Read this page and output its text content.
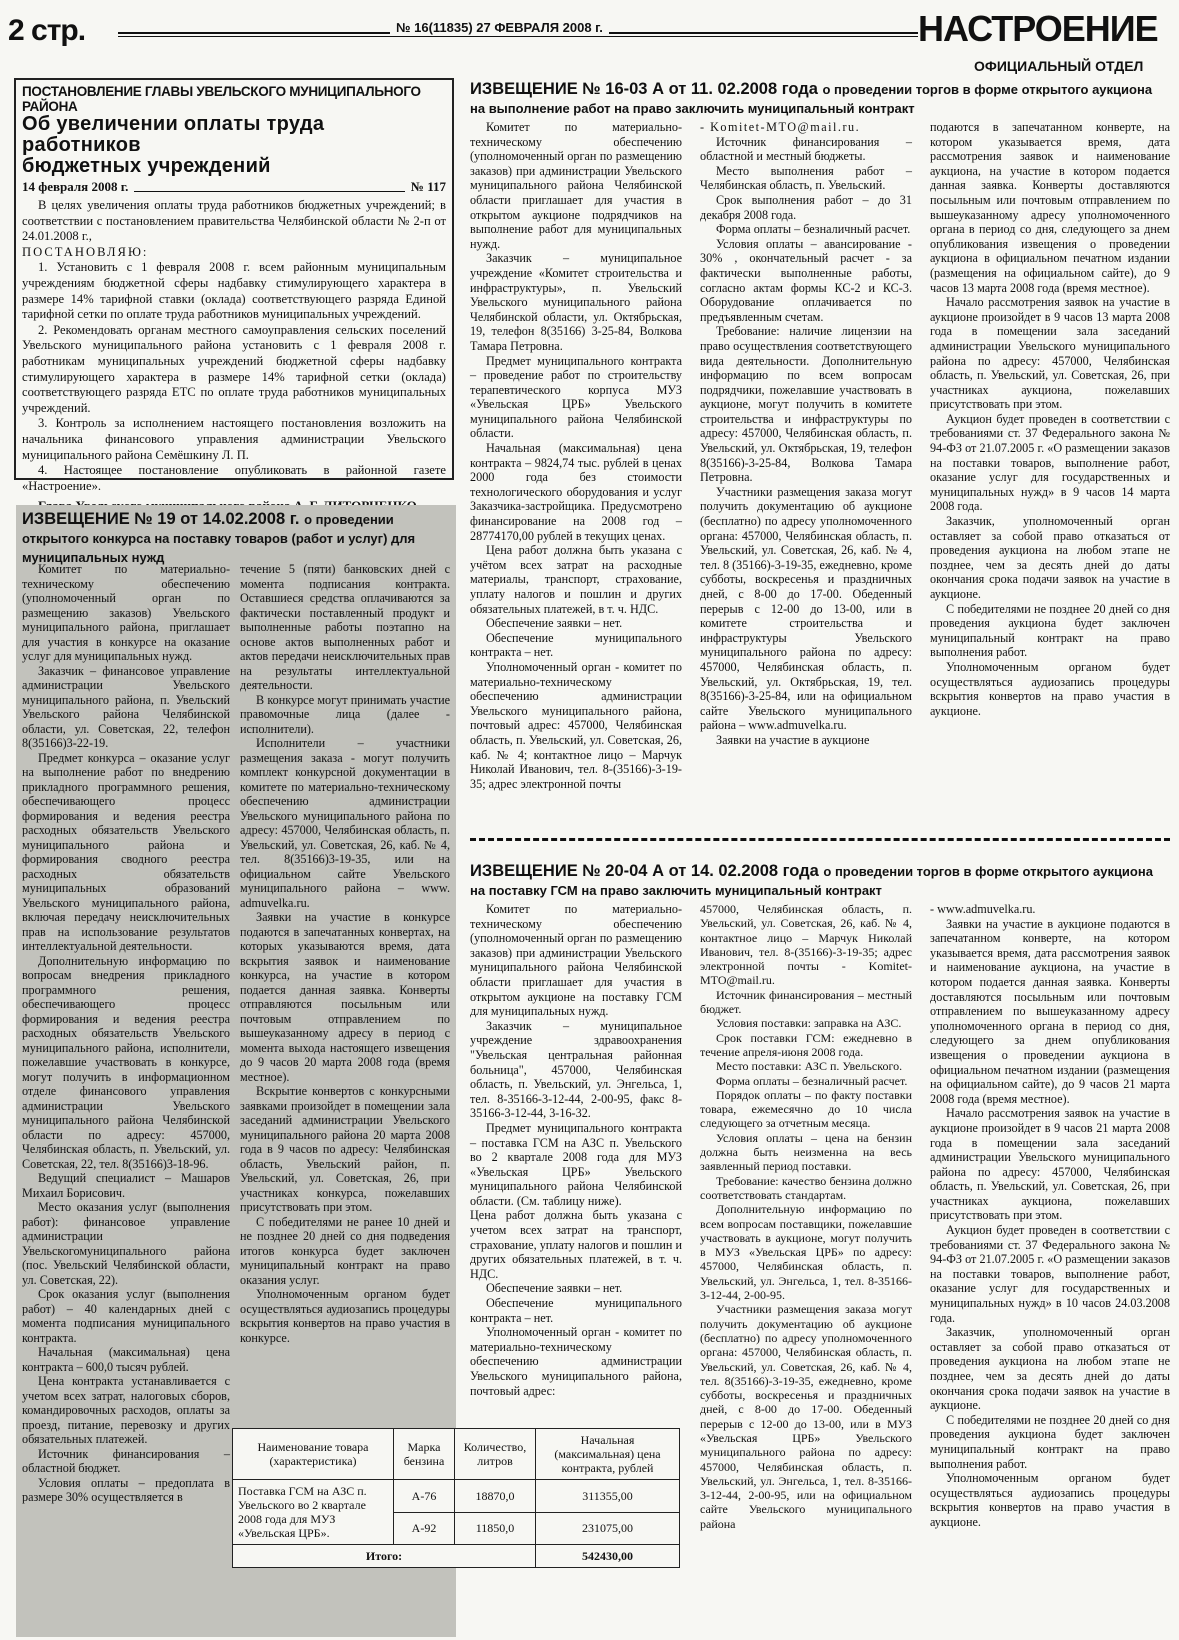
2 стр.	№ 16(11835) 27 ФЕВРАЛЯ 2008 г.	НАСТРОЕНИЕ
ОФИЦИАЛЬНЫЙ ОТДЕЛ
ПОСТАНОВЛЕНИЕ ГЛАВЫ УВЕЛЬСКОГО МУНИЦИПАЛЬНОГО РАЙОНА
Об увеличении оплаты труда работников
бюджетных учреждений
14 февраля 2008 г.	№ 117

В целях увеличения оплаты труда работников бюджетных учреждений; в соответствии с постановлением правительства Челябинской области № 2-п от 24.01.2008 г.,

ПОСТАНОВЛЯЮ:

1. Установить с 1 февраля 2008 г. всем районным муниципальным учреждениям бюджетной сферы надбавку стимулирующего характера в размере 14% тарифной ставки (оклада) соответствующего разряда Единой тарифной сетки по оплате труда работников муниципальных учреждений.

2. Рекомендовать органам местного самоуправления сельских поселений Увельского муниципального района установить с 1 февраля 2008 г. работникам муниципальных учреждений бюджетной сферы надбавку стимулирующего характера в размере 14% тарифной сетки (оклада) соответствующего разряда ЕТС по оплате труда работников муниципальных учреждений.

3. Контроль за исполнением настоящего постановления возложить на начальника финансового управления администрации Увельского муниципального района Семёшкину Л. П.

4. Настоящее постановление опубликовать в районной газете «Настроение».

ИЗВЕЩЕНИЕ № 19 от 14.02.2008 г. о проведении открытого конкурса на поставку товаров (работ и услуг) для муниципальных нужд

Комитет по материально-техническому обеспечению (уполномоченный орган по размещению заказов) Увельского муниципального района, приглашает для участия в конкурсе на оказание услуг для муниципальных нужд.

Заказчик – финансовое управление администрации Увельского муниципального района, п. Увельский Увельского района Челябинской области, ул. Советская, 22, телефон 8(35166)3-22-19.

Предмет конкурса – оказание услуг на выполнение работ по внедрению прикладного программного решения, обеспечивающего процесс формирования и ведения реестра расходных обязательств Увельского муниципального района и формирования сводного реестра расходных обязательств муниципальных образований Увельского муниципального района, включая передачу неисключительных прав на использование результатов интеллектуальной деятельности.

Дополнительную информацию по вопросам внедрения прикладного программного решения, обеспечивающего процесс формирования и ведения реестра расходных обязательств Увельского муниципального района, исполнители, пожелавшие участвовать в конкурсе, могут получить в информационном отделе финансового управления администрации Увельского муниципального района Челябинской области по адресу: 457000, Челябинская область, п. Увельский, ул. Советская, 22, тел. 8(35166)3-18-96.

Ведущий специалист – Машаров Михаил Борисович.

Место оказания услуг (выполнения работ): финансовое управление администрации Увельскогомуниципального района (пос. Увельский Челябинской области, ул. Советская, 22).

Срок оказания услуг (выполнения работ) – 40 календарных дней с момента подписания муниципального контракта.

Начальная (максимальная) цена контракта – 600,0 тысяч рублей.

Цена контракта устанавливается с учетом всех затрат, налоговых сборов, командировочных расходов, оплаты за проезд, питание, перевозку и других обязательных платежей.

Источник финансирования – областной бюджет.

Условия оплаты – предоплата в размере 30% осуществляется в

течение 5 (пяти) банковских дней с момента подписания контракта. Оставшиеся средства оплачиваются за фактически поставленный продукт и выполненные работы поэтапно на основе актов выполненных работ и актов передачи неисключительных прав на результаты интеллектуальной деятельности.

В конкурсе могут принимать участие правомочные лица (далее - исполнители).

Исполнители – участники размещения заказа - могут получить комплект конкурсной документации в комитете по материально-техническому обеспечению администрации Увельского муниципального района по адресу: 457000, Челябинская область, п. Увельский, ул. Советская, 26, каб. № 4, тел. 8(35166)3-19-35, или на официальном сайте Увельского муниципального района – www. admuvelka.ru.

Заявки на участие в конкурсе подаются в запечатанных конвертах, на которых указываются время, дата вскрытия заявок и наименование конкурса, на участие в котором подается данная заявка. Конверты отправляются посыльным или почтовым отправлением по вышеуказанному адресу в период с момента выхода настоящего извещения до 9 часов 20 марта 2008 года (время местное).

Вскрытие конвертов с конкурсными заявками произойдет в помещении зала заседаний администрации Увельского муниципального района 20 марта 2008 года в 9 часов по адресу: Челябинская область, Увельский район, п. Увельский, ул. Советская, 26, при участниках конкурса, пожелавших присутствовать при этом.

С победителями не ранее 10 дней и не позднее 20 дней со дня подведения итогов конкурса будет заключен муниципальный контракт на право оказания услуг.

Уполномоченным органом будет осуществляться аудиозапись процедуры вскрытия конвертов на право участия в конкурсе.

ИЗВЕЩЕНИЕ № 16-03 А от 11. 02.2008 года о проведении торгов в форме открытого аукциона на выполнение работ на право заключить муниципальный контракт

Комитет по материально-техническому обеспечению (уполномоченный орган по размещению заказов) при администрации Увельского муниципального района Челябинской области приглашает для участия в открытом аукционе подрядчиков на выполнение работ для муниципальных нужд.

Заказчик – муниципальное учреждение «Комитет строительства и инфраструктуры», п. Увельский Увельского муниципального района Челябинской области, ул. Октябрьская, 19, телефон 8(35166) 3-25-84, Волкова Тамара Петровна.

Предмет муниципального контракта – проведение работ по строительству терапевтического корпуса МУЗ «Увельская ЦРБ» Увельского муниципального района Челябинской области.

Начальная (максимальная) цена контракта – 9824,74 тыс. рублей в ценах 2000 года без стоимости технологического оборудования и услуг Заказчика-застройщика. Предусмотрено финансирование на 2008 год – 28774170,00 рублей в текущих ценах.

Цена работ должна быть указана с учётом всех затрат на расходные материалы, транспорт, страхование, уплату налогов и пошлин и других обязательных платежей, в т. ч. НДС.

Обеспечение заявки – нет.

Обеспечение муниципального контракта – нет.

Уполномоченный орган - комитет по материально-техническому обеспечению администрации Увельского муниципального района, почтовый адрес: 457000, Челябинская область, п. Увельский, ул. Советская, 26, каб. № 4; контактное лицо – Марчук Николай Иванович, тел. 8-(35166)-3-19-35; адрес электронной почты

- Komitet-МТО@mail.ru.

Источник финансирования – областной и местный бюджеты.

Место выполнения работ – Челябинская область, п. Увельский.

Срок выполнения работ – до 31 декабря 2008 года.

Форма оплаты – безналичный расчет.

Условия оплаты – авансирование - 30% , окончательный расчет - за фактически выполненные работы, согласно актам формы КС-2 и КС-3. Оборудование оплачивается по предъявленным счетам.

Требование: наличие лицензии на право осуществления соответствующего вида деятельности. Дополнительную информацию по всем вопросам подрядчики, пожелавшие участвовать в аукционе, могут получить в комитете строительства и инфраструктуры по адресу: 457000, Челябинская область, п. Увельский, ул. Октябрьская, 19, телефон 8(35166)-3-25-84, Волкова Тамара Петровна.

Участники размещения заказа могут получить документацию об аукционе (бесплатно) по адресу уполномоченного органа: 457000, Челябинская область, п. Увельский, ул. Советская, 26, каб. № 4, тел. 8 (35166)-3-19-35, ежедневно, кроме субботы, воскресенья и праздничных дней, с 8-00 до 17-00. Обеденный перерыв с 12-00 до 13-00, или в комитете строительства и инфраструктуры Увельского муниципального района по адресу: 457000, Челябинская область, п. Увельский, ул. Октябрьская, 19, тел. 8(35166)-3-25-84, или на официальном сайте Увельского муниципального района – www.admuvelka.ru.

Заявки на участие в аукционе

подаются в запечатанном конверте, на котором указывается время, дата рассмотрения заявок и наименование аукциона, на участие в котором подается данная заявка. Конверты доставляются посыльным или почтовым отправлением по вышеуказанному адресу уполномоченного органа в период со дня, следующего за днем опубликования извещения о проведении аукциона в официальном печатном издании (размещения на официальном сайте), до 9 часов 13 марта 2008 года (время местное).

Начало рассмотрения заявок на участие в аукционе произойдет в 9 часов 13 марта 2008 года в помещении зала заседаний администрации Увельского муниципального района по адресу: 457000, Челябинская область, п. Увельский, ул. Советская, 26, при участниках аукциона, пожелавших присутствовать при этом.

Аукцион будет проведен в соответствии с требованиями ст. 37 Федерального закона № 94-ФЗ от 21.07.2005 г. «О размещении заказов на поставки товаров, выполнение работ, оказание услуг для государственных и муниципальных нужд» в 9 часов 14 марта 2008 года.

Заказчик, уполномоченный орган оставляет за собой право отказаться от проведения аукциона на любом этапе не позднее, чем за десять дней до даты окончания срока подачи заявок на участие в аукционе.

С победителями не позднее 20 дней со дня проведения аукциона будет заключен муниципальный контракт на право выполнения работ.

Уполномоченным органом будет осуществляться аудиозапись процедуры вскрытия конвертов на право участия в аукционе.

ИЗВЕЩЕНИЕ № 20-04 А от 14. 02.2008 года о проведении торгов в форме открытого аукциона на поставку ГСМ на право заключить муниципальный контракт

Комитет по материально-техническому обеспечению (уполномоченный орган по размещению заказов) при администрации Увельского муниципального района Челябинской области приглашает для участия в открытом аукционе на поставку ГСМ для муниципальных нужд.

Заказчик – муниципальное учреждение здравоохранения "Увельская центральная районная больница", 457000, Челябинская область, п. Увельский, ул. Энгельса, 1, тел. 8-35166-3-12-44, 2-00-95, факс 8-35166-3-12-44, 3-16-32.

Предмет муниципального контракта – поставка ГСМ на АЗС п. Увельского во 2 квартале 2008 года для МУЗ «Увельская ЦРБ» Увельского муниципального района Челябинской области. (См. таблицу ниже).

Цена работ должна быть указана с учетом всех затрат на транспорт, страхование, уплату налогов и пошлин и других обязательных платежей, в т. ч. НДС.

Обеспечение заявки – нет.

Обеспечение муниципального контракта – нет.

Уполномоченный орган - комитет по материально-техническому обеспечению администрации Увельского муниципального района, почтовый адрес:

457000, Челябинская область, п. Увельский, ул. Советская, 26, каб. № 4, контактное лицо – Марчук Николай Иванович, тел. 8-(35166)-3-19-35; адрес электронной почты - Komitet-МТО@mail.ru.

Источник финансирования – местный бюджет.

Условия поставки: заправка на АЗС.

Срок поставки ГСМ: ежедневно в течение апреля-июня 2008 года.

Место поставки: АЗС п. Увельского.

Форма оплаты – безналичный расчет.

Порядок оплаты – по факту поставки товара, ежемесячно до 10 числа следующего за отчетным месяца.

Условия оплаты – цена на бензин должна быть неизменна на весь заявленный период поставки.

Требование: качество бензина должно соответствовать стандартам.

Дополнительную информацию по всем вопросам поставщики, пожелавшие участвовать в аукционе, могут получить в МУЗ «Увельская ЦРБ» по адресу: 457000, Челябинская область, п. Увельский, ул. Энгельса, 1, тел. 8-35166-3-12-44, 2-00-95.

Участники размещения заказа могут получить документацию об аукционе (бесплатно) по адресу уполномоченного органа: 457000, Челябинская область, п. Увельский, ул. Советская, 26, каб. № 4, тел. 8(35166)-3-19-35, ежедневно, кроме субботы, воскресенья и праздничных дней, с 8-00 до 17-00. Обеденный перерыв с 12-00 до 13-00, или в МУЗ «Увельская ЦРБ» Увельского муниципального района по адресу: 457000, Челябинская область, п. Увельский, ул. Энгельса, 1, тел. 8-35166-3-12-44, 2-00-95, или на официальном сайте Увельского муниципального района

- www.admuvelka.ru.

Заявки на участие в аукционе подаются в запечатанном конверте, на котором указывается время, дата рассмотрения заявок и наименование аукциона, на участие в котором подается данная заявка. Конверты доставляются посыльным или почтовым отправлением по вышеуказанному адресу уполномоченного органа в период со дня, следующего за днем опубликования извещения о проведении аукциона в официальном печатном издании (размещения на официальном сайте), до 9 часов 21 марта 2008 года (время местное).

Начало рассмотрения заявок на участие в аукционе произойдет в 9 часов 21 марта 2008 года в помещении зала заседаний администрации Увельского муниципального района по адресу: 457000, Челябинская область, п. Увельский, ул. Советская, 26, при участниках аукциона, пожелавших присутствовать при этом.

Аукцион будет проведен в соответствии с требованиями ст. 37 Федерального закона № 94-ФЗ от 21.07.2005 г. «О размещении заказов на поставки товаров, выполнение работ, оказание услуг для государственных и муниципальных нужд» в 10 часов 24.03.2008 года.

Заказчик, уполномоченный орган оставляет за собой право отказаться от проведения аукциона на любом этапе не позднее, чем за десять дней до даты окончания срока подачи заявок на участие в аукционе.

С победителями не позднее 20 дней со дня проведения аукциона будет заключен муниципальный контракт на право выполнения работ.

Уполномоченным органом будет осуществляться аудиозапись процедуры вскрытия конвертов на право участия в аукционе.

Наименование товара (характеристика)	Марка бензина	Количество, литров	Начальная (максимальная) цена контракта, рублей
Поставка ГСМ на АЗС п. Увельского во 2 квартале 2008 года для МУЗ «Увельская ЦРБ».	А-76	18870,0	311355,00
	А-92	11850,0	231075,00
Итого:			542430,00
